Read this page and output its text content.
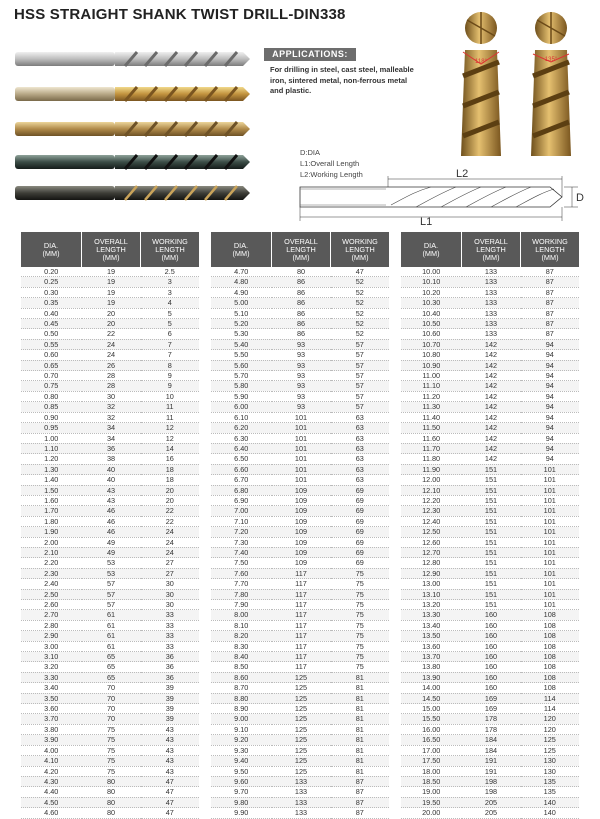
HSS STRAIGHT SHANK TWIST DRILL-DIN338
APPLICATIONS:
For drilling in steel, cast steel, malleable iron, sintered metal, non-ferrous metal and plastic.
118°	135°
D:DIA
L1:Overall Length
L2:Working Length	L2
L1
D
DIA.
(MM)	OVERALL
LENGTH
(MM)	WORKING
LENGTH
(MM)
0.20	19	2.5
0.25	19	3
0.30	19	3
0.35	19	4
0.40	20	5
0.45	20	5
0.50	22	6
0.55	24	7
0.60	24	7
0.65	26	8
0.70	28	9
0.75	28	9
0.80	30	10
0.85	32	11
0.90	32	11
0.95	34	12
1.00	34	12
1.10	36	14
1.20	38	16
1.30	40	18
1.40	40	18
1.50	43	20
1.60	43	20
1.70	46	22
1.80	46	22
1.90	46	24
2.00	49	24
2.10	49	24
2.20	53	27
2.30	53	27
2.40	57	30
2.50	57	30
2.60	57	30
2.70	61	33
2.80	61	33
2.90	61	33
3.00	61	33
3.10	65	36
3.20	65	36
3.30	65	36
3.40	70	39
3.50	70	39
3.60	70	39
3.70	70	39
3.80	75	43
3.90	75	43
4.00	75	43
4.10	75	43
4.20	75	43
4.30	80	47
4.40	80	47
4.50	80	47
4.60	80	47
DIA.
(MM)	OVERALL
LENGTH
(MM)	WORKING
LENGTH
(MM)
4.70	80	47
4.80	86	52
4.90	86	52
5.00	86	52
5.10	86	52
5.20	86	52
5.30	86	52
5.40	93	57
5.50	93	57
5.60	93	57
5.70	93	57
5.80	93	57
5.90	93	57
6.00	93	57
6.10	101	63
6.20	101	63
6.30	101	63
6.40	101	63
6.50	101	63
6.60	101	63
6.70	101	63
6.80	109	69
6.90	109	69
7.00	109	69
7.10	109	69
7.20	109	69
7.30	109	69
7.40	109	69
7.50	109	69
7.60	117	75
7.70	117	75
7.80	117	75
7.90	117	75
8.00	117	75
8.10	117	75
8.20	117	75
8.30	117	75
8.40	117	75
8.50	117	75
8.60	125	81
8.70	125	81
8.80	125	81
8.90	125	81
9.00	125	81
9.10	125	81
9.20	125	81
9.30	125	81
9.40	125	81
9.50	125	81
9.60	133	87
9.70	133	87
9.80	133	87
9.90	133	87
DIA.
(MM)	OVERALL
LENGTH
(MM)	WORKING
LENGTH
(MM)
10.00	133	87
10.10	133	87
10.20	133	87
10.30	133	87
10.40	133	87
10.50	133	87
10.60	133	87
10.70	142	94
10.80	142	94
10.90	142	94
11.00	142	94
11.10	142	94
11.20	142	94
11.30	142	94
11.40	142	94
11.50	142	94
11.60	142	94
11.70	142	94
11.80	142	94
11.90	151	101
12.00	151	101
12.10	151	101
12.20	151	101
12.30	151	101
12.40	151	101
12.50	151	101
12.60	151	101
12.70	151	101
12.80	151	101
12.90	151	101
13.00	151	101
13.10	151	101
13.20	151	101
13.30	160	108
13.40	160	108
13.50	160	108
13.60	160	108
13.70	160	108
13.80	160	108
13.90	160	108
14.00	160	108
14.50	169	114
15.00	169	114
15.50	178	120
16.00	178	120
16.50	184	125
17.00	184	125
17.50	191	130
18.00	191	130
18.50	198	135
19.00	198	135
19.50	205	140
20.00	205	140
